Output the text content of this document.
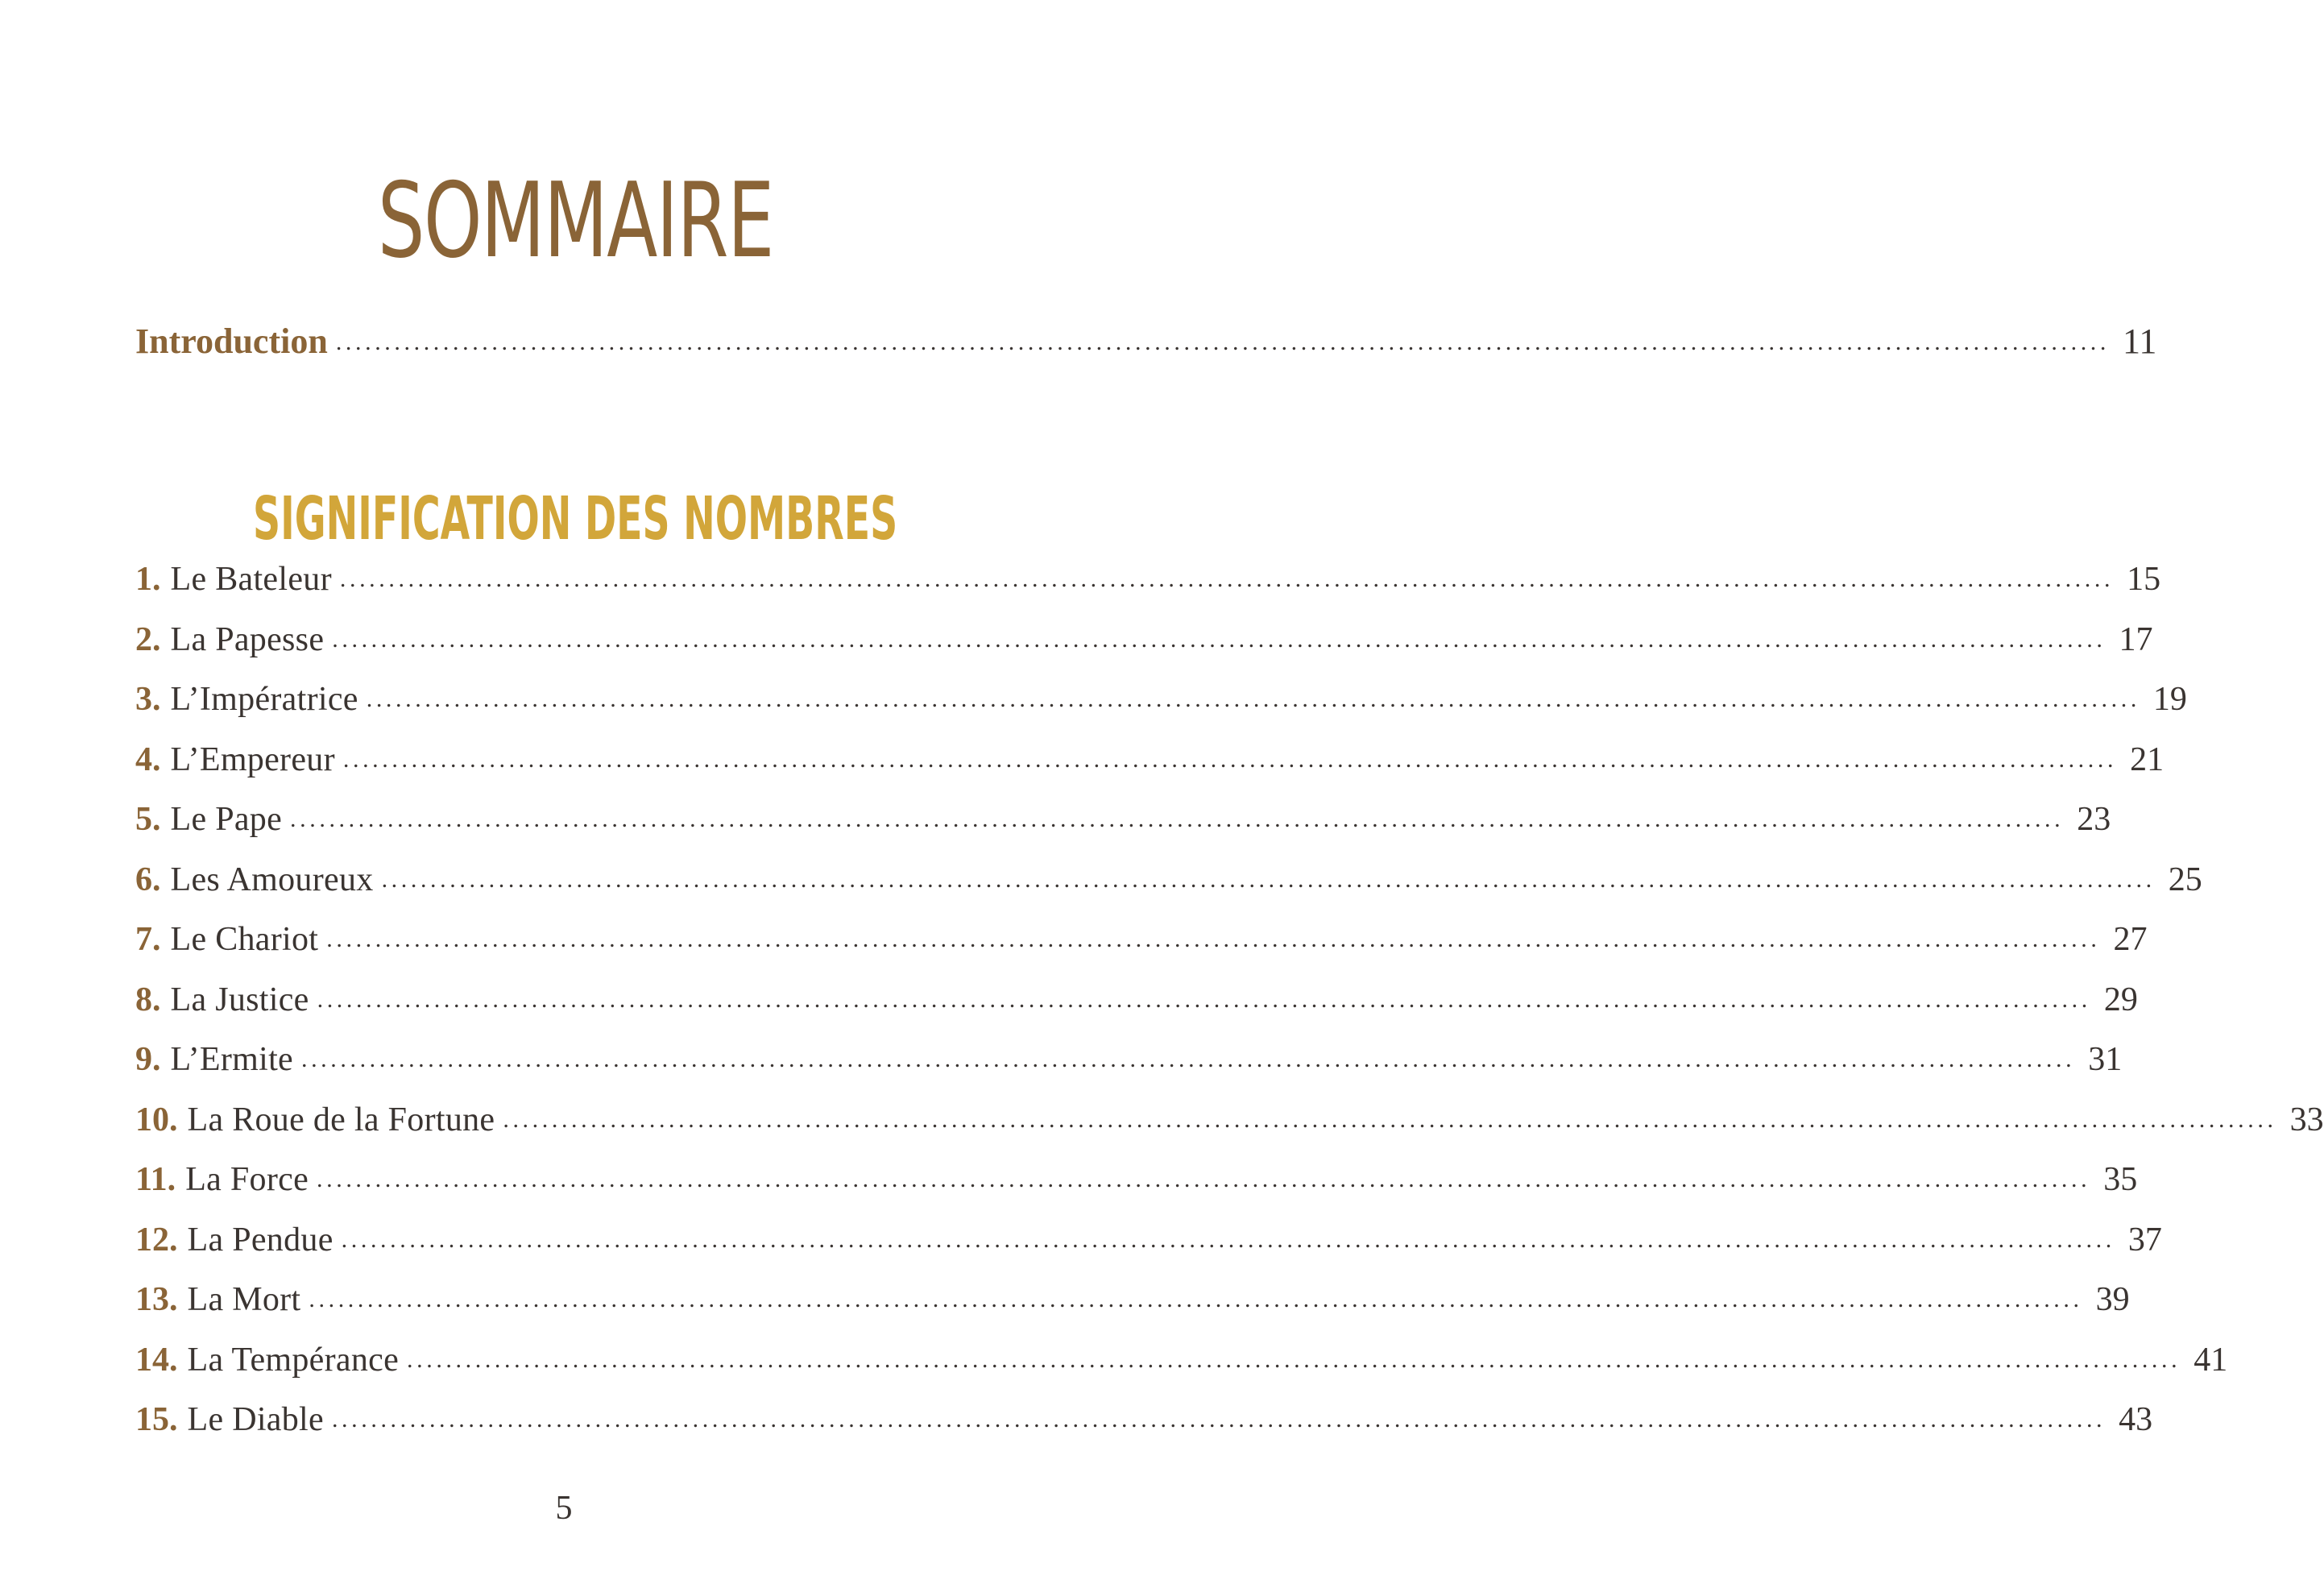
SOMMAIRE
Introduction ...................................................................................................................................................................................... 11
SIGNIFICATION DES NOMBRES
1. Le Bateleur ...................................................................................................................................................................................... 15
2. La Papesse ...................................................................................................................................................................................... 17
3. L’Impératrice ...................................................................................................................................................................................... 19
4. L’Empereur ...................................................................................................................................................................................... 21
5. Le Pape ...................................................................................................................................................................................... 23
6. Les Amoureux ...................................................................................................................................................................................... 25
7. Le Chariot ...................................................................................................................................................................................... 27
8. La Justice ...................................................................................................................................................................................... 29
9. L’Ermite ...................................................................................................................................................................................... 31
10. La Roue de la Fortune ...................................................................................................................................................................................... 33
11. La Force ...................................................................................................................................................................................... 35
12. La Pendue ...................................................................................................................................................................................... 37
13. La Mort ...................................................................................................................................................................................... 39
14. La Tempérance ...................................................................................................................................................................................... 41
15. Le Diable ...................................................................................................................................................................................... 43
5
